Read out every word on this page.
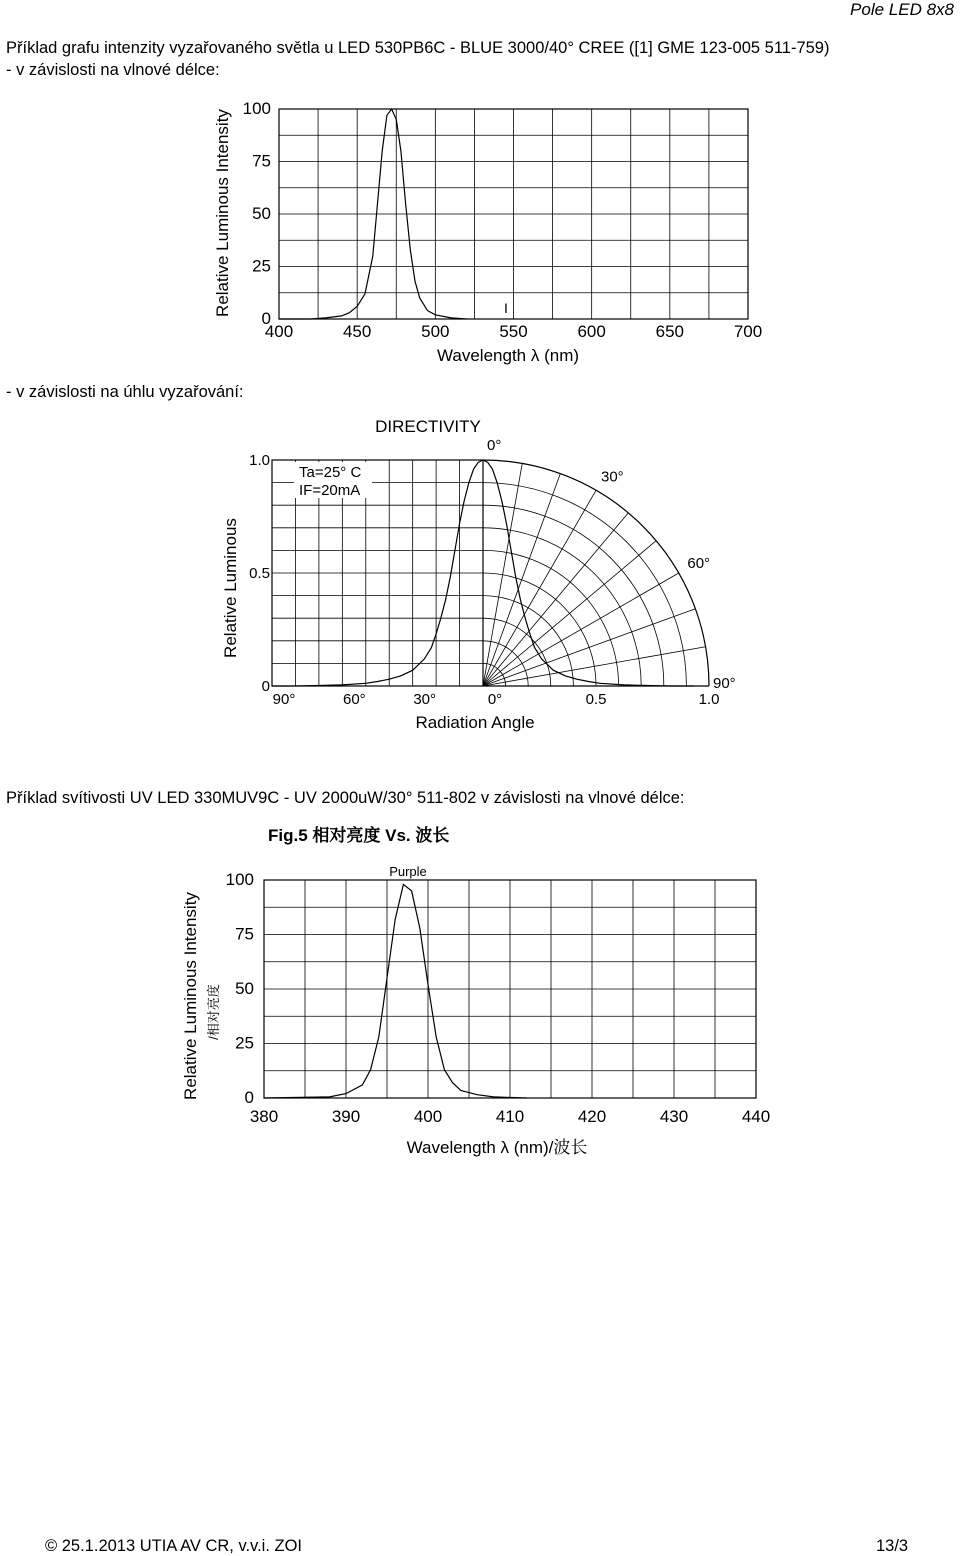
Pole LED 8x8
Příklad grafu intenzity vyzařovaného světla u LED 530PB6C - BLUE 3000/40° CREE ([1] GME 123-005 511-759)
- v závislosti na vlnové délce:
400	450	500	550	600	650	700
0
25
50
75
100
Relative Luminous Intensity
Wavelength λ (nm)
I
DIRECTIVITY
Ta=25° C
IF=20mA
0
0.5
1.0
90°	60°	30°	0°	0.5	1.0
0°
30°
60°
90°
Relative Luminous
Radiation Angle
Fig.5 相对亮度 Vs. 波长
Purple
380	390	400	410	420	430	440
0
25
50
75
100
Relative Luminous Intensity /相对亮度
Wavelength λ (nm)/波长
- v závislosti na úhlu vyzařování:
Příklad svítivosti UV LED 330MUV9C - UV 2000uW/30° 511-802 v závislosti na vlnové délce:
© 25.1.2013 UTIA AV CR, v.v.i. ZOI	13/3
